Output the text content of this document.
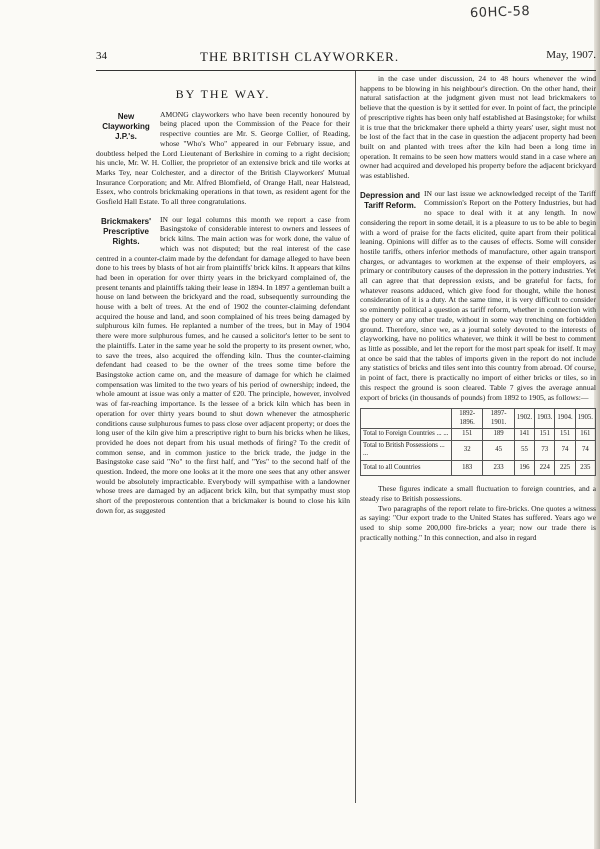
60HC-58
34	THE BRITISH CLAYWORKER.	May, 1907.

BY THE WAY.

New Clayworking J.P.'s.
AMONG clayworkers who have been recently honoured by being placed upon the Commission of the Peace for their respective counties are Mr. S. George Collier, of Reading, whose "Who's Who" appeared in our February issue, and doubtless helped the Lord Lieutenant of Berkshire in coming to a right decision; his uncle, Mr. W. H. Collier, the proprietor of an extensive brick and tile works at Marks Tey, near Colchester, and a director of the British Clayworkers' Mutual Insurance Corporation; and Mr. Alfred Blomfield, of Orange Hall, near Halstead, Essex, who controls brickmaking operations in that town, as resident agent for the Gosfield Hall Estate. To all three congratulations.

Brickmakers' Prescriptive Rights.
IN our legal columns this month we report a case from Basingstoke of considerable interest to owners and lessees of brick kilns. The main action was for work done, the value of which was not disputed; but the real interest of the case centred in a counter-claim made by the defendant for damage alleged to have been done to his trees by blasts of hot air from plaintiffs' brick kilns. It appears that kilns had been in operation for over thirty years in the brickyard complained of, the present tenants and plaintiffs taking their lease in 1894. In 1897 a gentleman built a house on land between the brickyard and the road, subsequently surrounding the house with a belt of trees. At the end of 1902 the counter-claiming defendant acquired the house and land, and soon complained of his trees being damaged by sulphurous kiln fumes. He replanted a number of the trees, but in May of 1904 there were more sulphurous fumes, and he caused a solicitor's letter to be sent to the plaintiffs. Later in the same year he sold the property to its present owner, who, to save the trees, also acquired the offending kiln. Thus the counter-claiming defendant had ceased to be the owner of the trees some time before the Basingstoke action came on, and the measure of damage for which he claimed compensation was limited to the two years of his period of ownership; indeed, the whole amount at issue was only a matter of £20. The principle, however, involved was of far-reaching importance. Is the lessee of a brick kiln which has been in operation for over thirty years bound to shut down whenever the atmospheric conditions cause sulphurous fumes to pass close over adjacent property; or does the long user of the kiln give him a prescriptive right to burn his bricks when he likes, provided he does not depart from his usual methods of firing? To the credit of common sense, and in common justice to the brick trade, the judge in the Basingstoke case said "No" to the first half, and "Yes" to the second half of the question. Indeed, the more one looks at it the more one sees that any other answer would be absolutely impracticable. Everybody will sympathise with a landowner whose trees are damaged by an adjacent brick kiln, but that sympathy must stop short of the preposterous contention that a brickmaker is bound to close his kiln down for, as suggested

in the case under discussion, 24 to 48 hours whenever the wind happens to be blowing in his neighbour's direction. On the other hand, their natural satisfaction at the judgment given must not lead brickmakers to believe that the question is by it settled for ever. In point of fact, the principle of prescriptive rights has been only half established at Basingstoke; for whilst it is true that the brickmaker there upheld a thirty years' user, sight must not be lost of the fact that in the case in question the adjacent property had been built on and planted with trees after the kiln had been a long time in operation. It remains to be seen how matters would stand in a case where an owner had acquired and developed his property before the adjacent brickyard was established.

Depression and Tariff Reform.
IN our last issue we acknowledged receipt of the Tariff Commission's Report on the Pottery Industries, but had no space to deal with it at any length. In now considering the report in some detail, it is a pleasure to us to be able to begin with a word of praise for the facts elicited, quite apart from their political leaning. Opinions will differ as to the causes of effects. Some will consider hostile tariffs, others inferior methods of manufacture, other again transport charges, or advantages to workmen at the expense of their employers, as primary or contributory causes of the depression in the pottery industries. Yet all can agree that that depression exists, and be grateful for facts, for whatever reasons adduced, which give food for thought, while the honest consideration of it is a duty. At the same time, it is very difficult to consider so eminently political a question as tariff reform, whether in connection with the pottery or any other trade, without in some way trenching on forbidden ground. Therefore, since we, as a journal solely devoted to the interests of clayworking, have no politics whatever, we think it will be best to comment as little as possible, and let the report for the most part speak for itself. It may at once be said that the tables of imports given in the report do not include any statistics of bricks and tiles sent into this country from abroad. Of course, in point of fact, there is practically no import of either bricks or tiles, so in this respect the ground is soon cleared. Table 7 gives the average annual export of bricks (in thousands of pounds) from 1892 to 1905, as follows:—

	1892-1896.	1897-1901.	1902.	1903.	1904.	1905.
Total to Foreign Countries ... ...	151	189	141	151	151	161
Total to British Possessions ... ...	32	45	55	73	74	74
Total to all Countries	183	233	196	224	225	235

These figures indicate a small fluctuation to foreign countries, and a steady rise to British possessions.

Two paragraphs of the report relate to fire-bricks. One quotes a witness as saying: "Our export trade to the United States has suffered. Years ago we used to ship some 200,000 fire-bricks a year; now our trade there is practically nothing." In this connection, and also in regard
